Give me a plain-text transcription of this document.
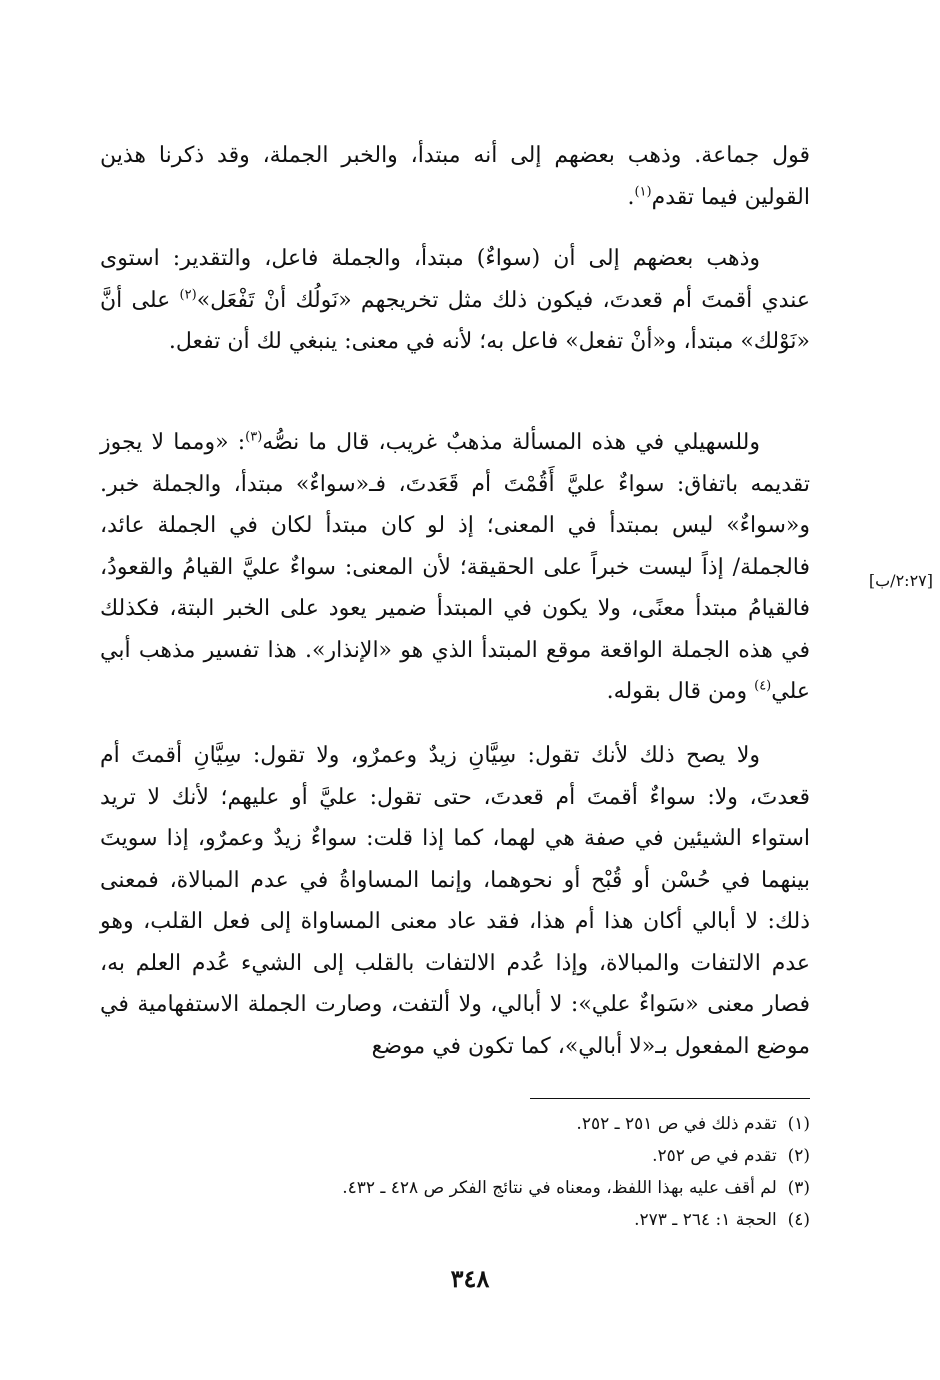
قول جماعة. وذهب بعضهم إلى أنه مبتدأ، والخبر الجملة، وقد ذكرنا هذين القولين فيما تقدم$^{(١)}$.

وذهب بعضهم إلى أن (سواءٌ) مبتدأ، والجملة فاعل، والتقدير: استوى عندي أقمتَ أم قعدتَ، فيكون ذلك مثل تخريجهم «نَولُك أنْ تَفْعَل»$^{(٢)}$ على أنَّ «نَوْلك» مبتدأ، و«أنْ تفعل» فاعل به؛ لأنه في معنى: ينبغي لك أن تفعل.

وللسهيلي في هذه المسألة مذهبٌ غريب، قال ما نصُّه$^{(٣)}$: «ومما لا يجوز تقديمه باتفاق: سواءٌ عليَّ أَقُمْتَ أم قَعَدتَ، فـ«سواءٌ» مبتدأ، والجملة خبر. و«سواءٌ» ليس بمبتدأ في المعنى؛ إذ لو كان مبتدأ لكان في الجملة عائد، فالجملة/ إذاً ليست خبراً على الحقيقة؛ لأن المعنى: سواءٌ عليَّ القيامُ والقعودُ، فالقيامُ مبتدأ معنًى، ولا يكون في المبتدأ ضمير يعود على الخبر البتة، فكذلك في هذه الجملة الواقعة موقع المبتدأ الذي هو «الإنذار». هذا تفسير مذهب أبي علي$^{(٤)}$ ومن قال بقوله.

[٢:٢٧/ب]

ولا يصح ذلك لأنك تقول: سِيَّانِ زيدٌ وعمرٌو، ولا تقول: سِيَّانِ أقمتَ أم قعدتَ، ولا: سواءٌ أقمتَ أم قعدتَ، حتى تقول: عليَّ أو عليهم؛ لأنك لا تريد استواء الشيئين في صفة هي لهما، كما إذا قلت: سواءٌ زيدٌ وعمرٌو، إذا سويتَ بينهما في حُسْن أو قُبْح أو نحوهما، وإنما المساواةُ في عدم المبالاة، فمعنى ذلك: لا أبالي أكان هذا أم هذا، فقد عاد معنى المساواة إلى فعل القلب، وهو عدم الالتفات والمبالاة، وإذا عُدم الالتفات بالقلب إلى الشيء عُدم العلم به، فصار معنى «سَواءٌ علي»: لا أبالي، ولا ألتفت، وصارت الجملة الاستفهامية في موضع المفعول بـ«لا أبالي»، كما تكون في موضع

(١)  تقدم ذلك في ص ٢٥١ ـ ٢٥٢.
(٢)  تقدم في ص ٢٥٢.
(٣)  لم أقف عليه بهذا اللفظ، ومعناه في نتائج الفكر ص ٤٢٨ ـ ٤٣٢.
(٤)  الحجة ١: ٢٦٤ ـ ٢٧٣.
٣٤٨
